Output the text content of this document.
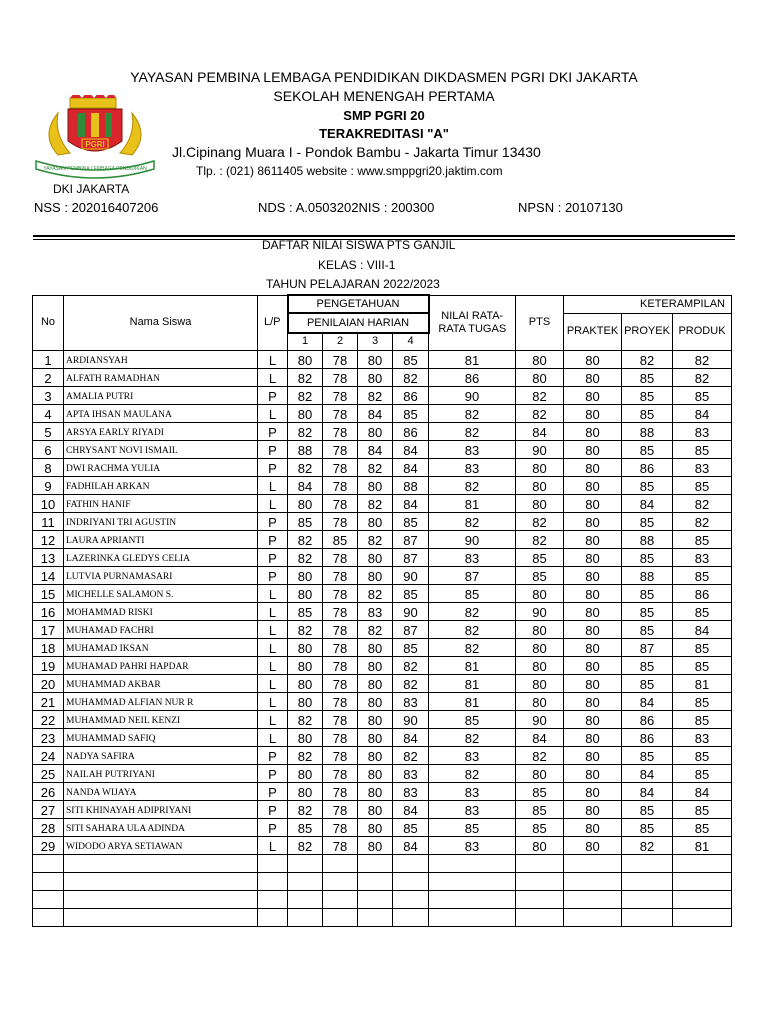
YAYASAN PEMBINA LEMBAGA PENDIDIKAN DIKDASMEN PGRI DKI JAKARTA
SEKOLAH MENENGAH PERTAMA
SMP PGRI 20
TERAKREDITASI "A"
Jl.Cipinang Muara I - Pondok Bambu - Jakarta Timur 13430
Tlp. : (021) 8611405 website : www.smppgri20.jaktim.com
PGRI
YAYASAN PEMBINA LEMBAGA PENDIDIKAN
DKI JAKARTA
NSS : 202016407206	NDS : A.0503202NIS : 200300	NPSN : 20107130
DAFTAR NILAI SISWA PTS GANJIL
KELAS : VIII-1
TAHUN PELAJARAN 2022/2023
No	Nama Siswa	L/P	PENGETAHUAN				NILAI RATA-
RATA TUGAS	PTS	KETERAMPILAN		
			PENILAIAN HARIAN						PRAKTEK	PROYEK	PRODUK
			1	2	3	4					
1	ARDIANSYAH	L	80	78	80	85	81	80	80	82	82
2	ALFATH RAMADHAN	L	82	78	80	82	86	80	80	85	82
3	AMALIA PUTRI	P	82	78	82	86	90	82	80	85	85
4	APTA IHSAN MAULANA	L	80	78	84	85	82	82	80	85	84
5	ARSYA EARLY RIYADI	P	82	78	80	86	82	84	80	88	83
6	CHRYSANT NOVI ISMAIL	P	88	78	84	84	83	90	80	85	85
8	DWI RACHMA YULIA	P	82	78	82	84	83	80	80	86	83
9	FADHILAH ARKAN	L	84	78	80	88	82	80	80	85	85
10	FATHIN HANIF	L	80	78	82	84	81	80	80	84	82
11	INDRIYANI TRI AGUSTIN	P	85	78	80	85	82	82	80	85	82
12	LAURA APRIANTI	P	82	85	82	87	90	82	80	88	85
13	LAZERINKA GLEDYS CELIA	P	82	78	80	87	83	85	80	85	83
14	LUTVIA PURNAMASARI	P	80	78	80	90	87	85	80	88	85
15	MICHELLE SALAMON S.	L	80	78	82	85	85	80	80	85	86
16	MOHAMMAD RISKI	L	85	78	83	90	82	90	80	85	85
17	MUHAMAD FACHRI	L	82	78	82	87	82	80	80	85	84
18	MUHAMAD IKSAN	L	80	78	80	85	82	80	80	87	85
19	MUHAMAD PAHRI HAPDAR	L	80	78	80	82	81	80	80	85	85
20	MUHAMMAD AKBAR	L	80	78	80	82	81	80	80	85	81
21	MUHAMMAD ALFIAN NUR R	L	80	78	80	83	81	80	80	84	85
22	MUHAMMAD NEIL KENZI	L	82	78	80	90	85	90	80	86	85
23	MUHAMMAD SAFIQ	L	80	78	80	84	82	84	80	86	83
24	NADYA SAFIRA	P	82	78	80	82	83	82	80	85	85
25	NAILAH PUTRIYANI	P	80	78	80	83	82	80	80	84	85
26	NANDA WIJAYA	P	80	78	80	83	83	85	80	84	84
27	SITI KHINAYAH ADIPRIYANI	P	82	78	80	84	83	85	80	85	85
28	SITI SAHARA ULA ADINDA	P	85	78	80	85	85	85	80	85	85
29	WIDODO ARYA SETIAWAN	L	82	78	80	84	83	80	80	82	81
